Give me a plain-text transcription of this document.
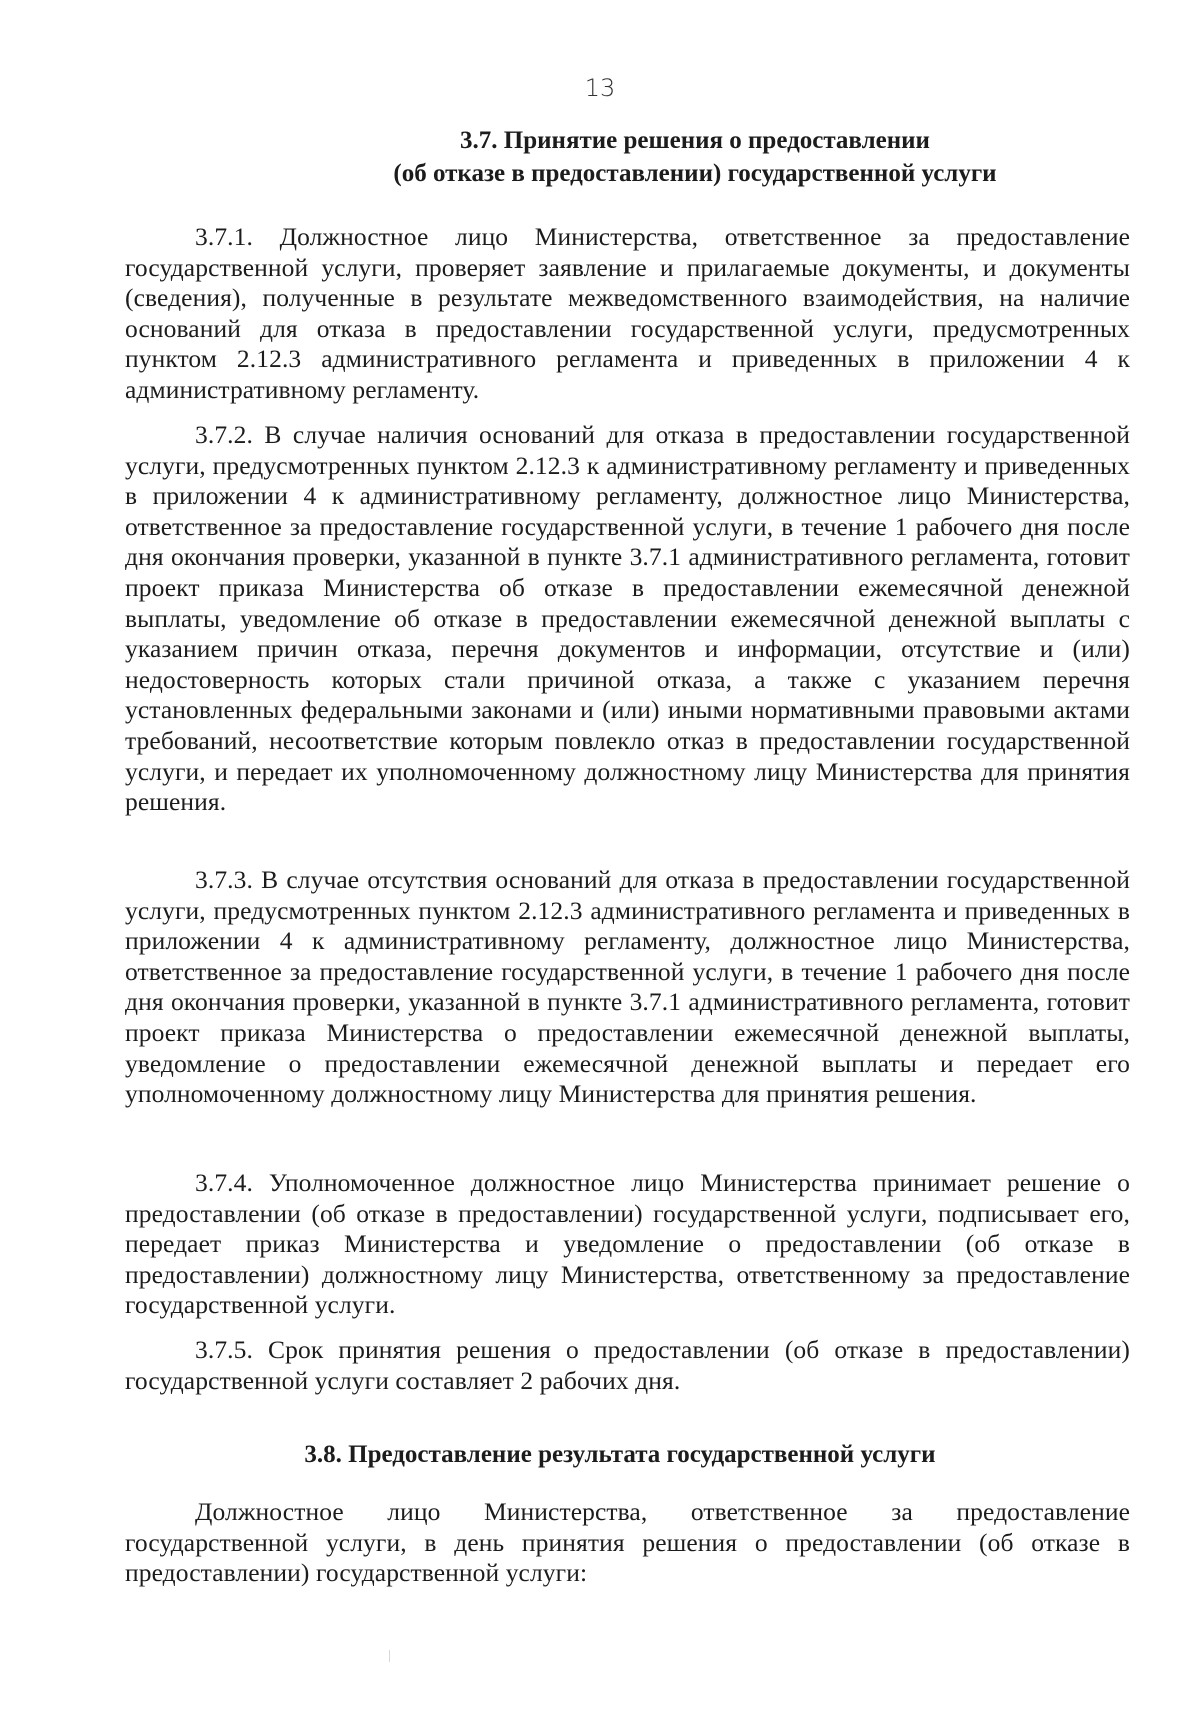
13
3.7. Принятие решения о предоставлении
(об отказе в предоставлении) государственной услуги

3.7.1. Должностное лицо Министерства, ответственное за предоставление государственной услуги, проверяет заявление и прилагаемые документы, и документы (сведения), полученные в результате межведомственного взаимодействия, на наличие оснований для отказа в предоставлении государственной услуги, предусмотренных пунктом 2.12.3 административного регламента и приведенных в приложении 4 к административному регламенту.

3.7.2. В случае наличия оснований для отказа в предоставлении государственной услуги, предусмотренных пунктом 2.12.3 к административному регламенту и приведенных в приложении 4 к административному регламенту, должностное лицо Министерства, ответственное за предоставление государственной услуги, в течение 1 рабочего дня после дня окончания проверки, указанной в пункте 3.7.1 административного регламента, готовит проект приказа Министерства об отказе в предоставлении ежемесячной денежной выплаты, уведомление об отказе в предоставлении ежемесячной денежной выплаты с указанием причин отказа, перечня документов и информации, отсутствие и (или) недостоверность которых стали причиной отказа, а также с указанием перечня установленных федеральными законами и (или) иными нормативными правовыми актами требований, несоответствие которым повлекло отказ в предоставлении государственной услуги, и передает их уполномоченному должностному лицу Министерства для принятия решения.

3.7.3. В случае отсутствия оснований для отказа в предоставлении государственной услуги, предусмотренных пунктом 2.12.3 административного регламента и приведенных в приложении 4 к административному регламенту, должностное лицо Министерства, ответственное за предоставление государственной услуги, в течение 1 рабочего дня после дня окончания проверки, указанной в пункте 3.7.1 административного регламента, готовит проект приказа Министерства о предоставлении ежемесячной денежной выплаты, уведомление о предоставлении ежемесячной денежной выплаты и передает его уполномоченному должностному лицу Министерства для принятия решения.

3.7.4. Уполномоченное должностное лицо Министерства принимает решение о предоставлении (об отказе в предоставлении) государственной услуги, подписывает его, передает приказ Министерства и уведомление о предоставлении (об отказе в предоставлении) должностному лицу Министерства, ответственному за предоставление государственной услуги.

3.7.5. Срок принятия решения о предоставлении (об отказе в предоставлении) государственной услуги составляет 2 рабочих дня.

3.8. Предоставление результата государственной услуги

Должностное лицо Министерства, ответственное за предоставление государственной услуги, в день принятия решения о предоставлении (об отказе в предоставлении) государственной услуги:
